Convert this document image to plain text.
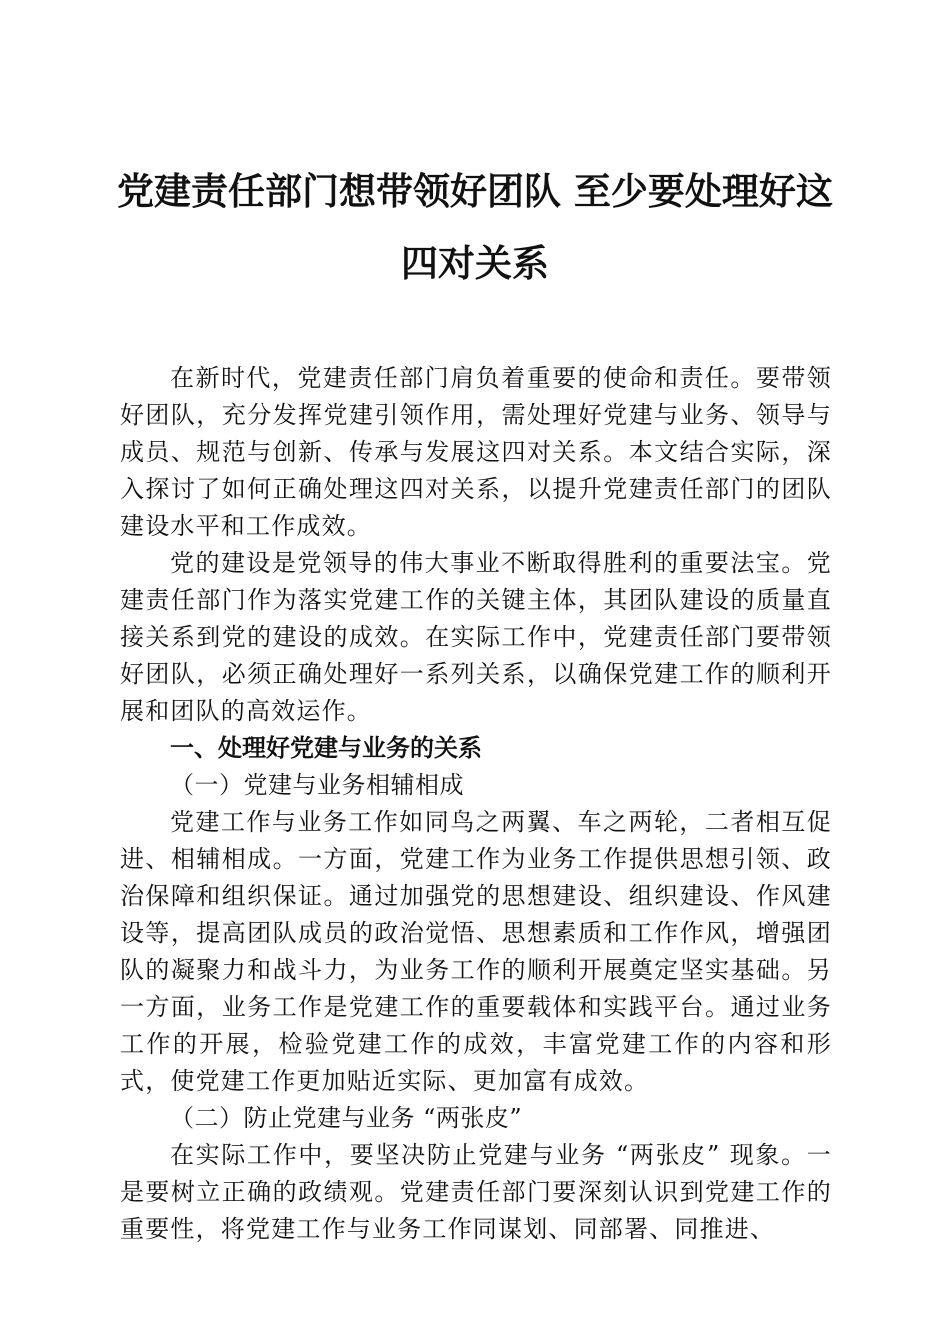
党建责任部门想带领好团队 至少要处理好这
四对关系

在新时代，党建责任部门肩负着重要的使命和责任。要带领好团队，充分发挥党建引领作用，需处理好党建与业务、领导与成员、规范与创新、传承与发展这四对关系。本文结合实际，深入探讨了如何正确处理这四对关系，以提升党建责任部门的团队建设水平和工作成效。

党的建设是党领导的伟大事业不断取得胜利的重要法宝。党建责任部门作为落实党建工作的关键主体，其团队建设的质量直接关系到党的建设的成效。在实际工作中，党建责任部门要带领好团队，必须正确处理好一系列关系，以确保党建工作的顺利开展和团队的高效运作。

一、处理好党建与业务的关系

（一）党建与业务相辅相成

党建工作与业务工作如同鸟之两翼、车之两轮，二者相互促进、相辅相成。一方面，党建工作为业务工作提供思想引领、政治保障和组织保证。通过加强党的思想建设、组织建设、作风建设等，提高团队成员的政治觉悟、思想素质和工作作风，增强团队的凝聚力和战斗力，为业务工作的顺利开展奠定坚实基础。另一方面，业务工作是党建工作的重要载体和实践平台。通过业务工作的开展，检验党建工作的成效，丰富党建工作的内容和形式，使党建工作更加贴近实际、更加富有成效。

（二）防止党建与业务 “两张皮”

在实际工作中，要坚决防止党建与业务 “两张皮” 现象。一是要树立正确的政绩观。党建责任部门要深刻认识到党建工作的重要性，将党建工作与业务工作同谋划、同部署、同推进、
